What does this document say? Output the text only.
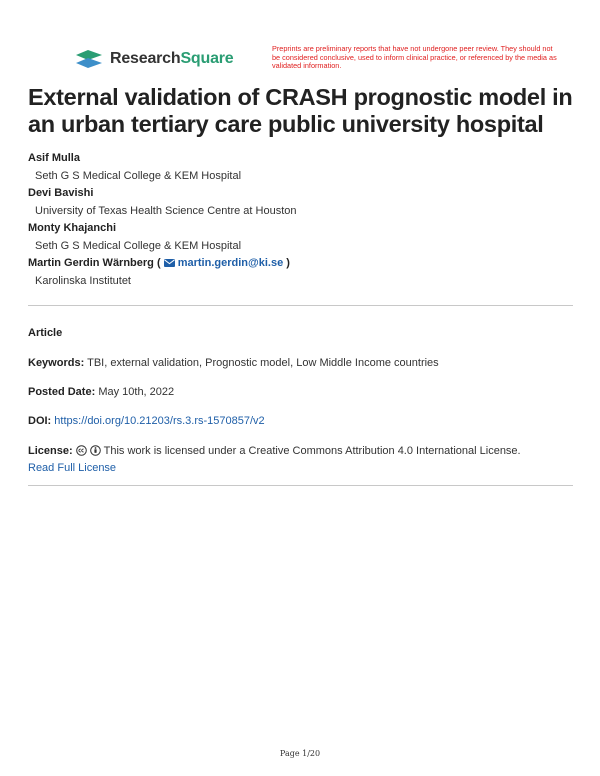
ResearchSquare
Preprints are preliminary reports that have not undergone peer review. They should not be considered conclusive, used to inform clinical practice, or referenced by the media as validated information.
External validation of CRASH prognostic model in an urban tertiary care public university hospital
Asif Mulla
Seth G S Medical College & KEM Hospital
Devi Bavishi
University of Texas Health Science Centre at Houston
Monty Khajanchi
Seth G S Medical College & KEM Hospital
Martin Gerdin Wärnberg ( martin.gerdin@ki.se )
Karolinska Institutet
Article
Keywords: TBI, external validation, Prognostic model, Low Middle Income countries
Posted Date: May 10th, 2022
DOI: https://doi.org/10.21203/rs.3.rs-1570857/v2
License:	This work is licensed under a Creative Commons Attribution 4.0 International License.
Read Full License
Page 1/20
